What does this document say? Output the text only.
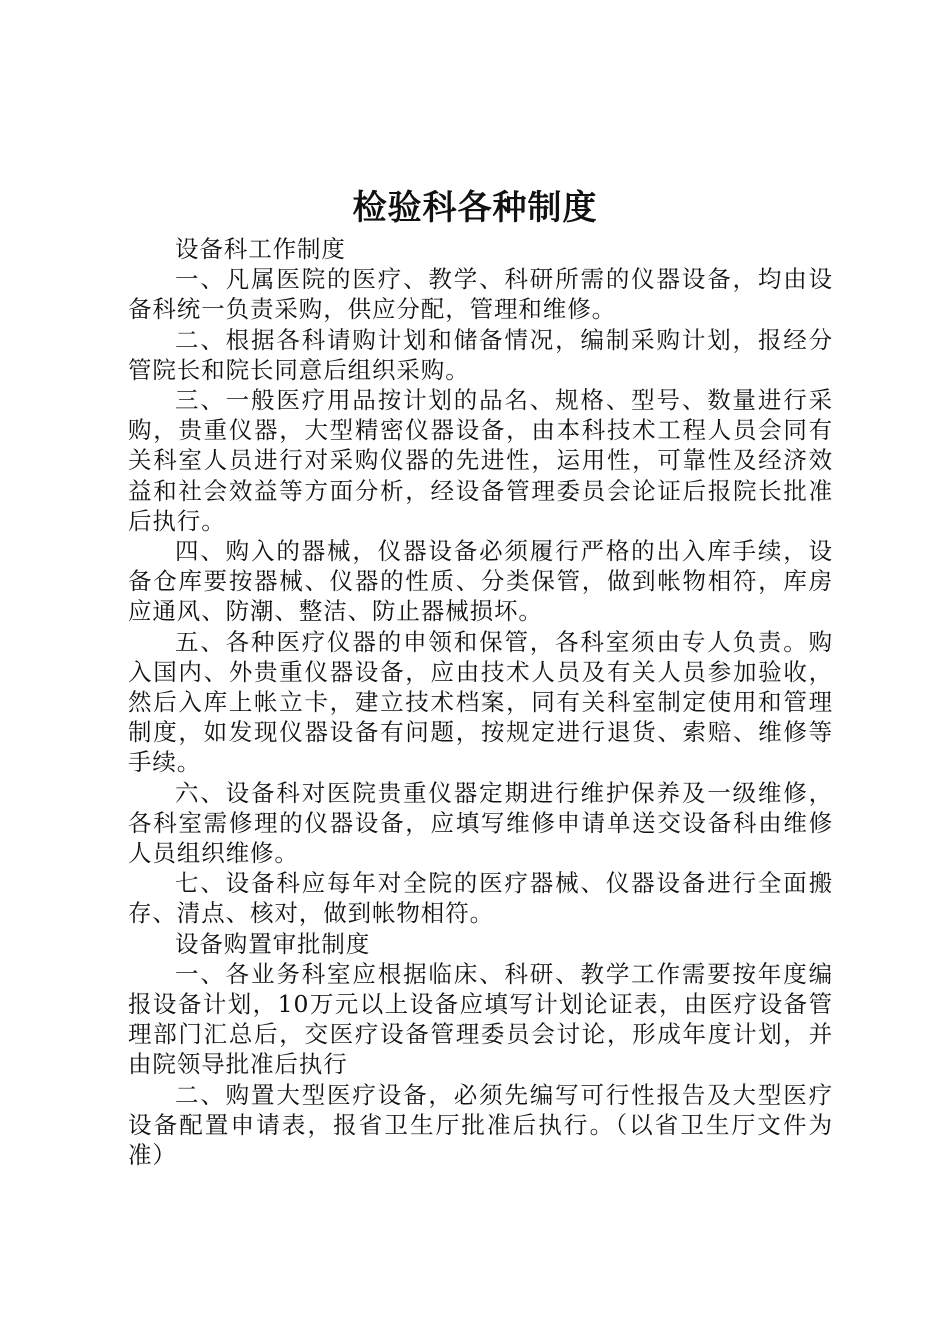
检验科各种制度

设备科工作制度

一、凡属医院的医疗、教学、科研所需的仪器设备，均由设备科统一负责采购，供应分配，管理和维修。

二、根据各科请购计划和储备情况，编制采购计划，报经分管院长和院长同意后组织采购。

三、一般医疗用品按计划的品名、规格、型号、数量进行采购，贵重仪器，大型精密仪器设备，由本科技术工程人员会同有关科室人员进行对采购仪器的先进性，运用性，可靠性及经济效益和社会效益等方面分析，经设备管理委员会论证后报院长批准后执行。

四、购入的器械，仪器设备必须履行严格的出入库手续，设备仓库要按器械、仪器的性质、分类保管，做到帐物相符，库房应通风、防潮、整洁、防止器械损坏。

五、各种医疗仪器的申领和保管，各科室须由专人负责。购入国内、外贵重仪器设备，应由技术人员及有关人员参加验收，然后入库上帐立卡，建立技术档案，同有关科室制定使用和管理制度，如发现仪器设备有问题，按规定进行退货、索赔、维修等手续。

六、设备科对医院贵重仪器定期进行维护保养及一级维修，各科室需修理的仪器设备，应填写维修申请单送交设备科由维修人员组织维修。

七、设备科应每年对全院的医疗器械、仪器设备进行全面搬存、清点、核对，做到帐物相符。

设备购置审批制度

一、各业务科室应根据临床、科研、教学工作需要按年度编报设备计划，10万元以上设备应填写计划论证表，由医疗设备管理部门汇总后，交医疗设备管理委员会讨论，形成年度计划，并由院领导批准后执行

二、购置大型医疗设备，必须先编写可行性报告及大型医疗设备配置申请表，报省卫生厅批准后执行。（以省卫生厅文件为准）
